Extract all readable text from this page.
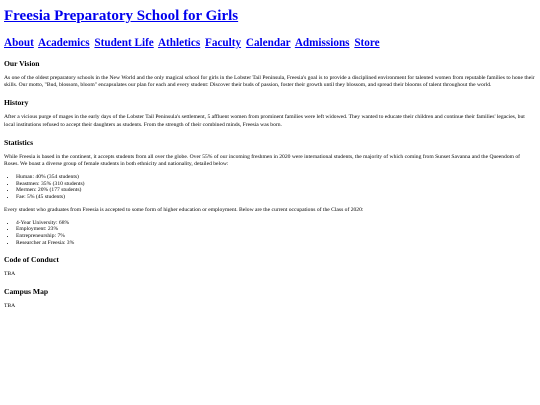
Freesia Preparatory School for Girls
About Academics Student Life Athletics Faculty Calendar Admissions Store
Our Vision

As one of the oldest preparatory schools in the New World and the only magical school for girls in the Lobster Tail Peninsula, Freesia's goal is to provide a disciplined environment for talented women from reputable families to hone their skills. Our motto, "Bud, blossom, bloom" encapsulates our plan for each and every student: Discover their buds of passion, foster their growth until they blossom, and spread their blooms of talent throughout the world.

History

After a vicious purge of mages in the early days of the Lobster Tail Peninsula's settlement, 5 affluent women from prominent families were left widowed. They wanted to educate their children and continue their families' legacies, but local institutions refused to accept their daughters as students. From the strength of their combined minds, Freesia was born.

Statistics

While Freesia is based in the continent, it accepts students from all over the globe. Over 55% of our incoming freshmen in 2020 were international students, the majority of which coming from Sunset Savanna and the Queendom of Roses. We boast a diverse group of female students in both ethnicity and nationality, detailed below:

• Human: 40% (354 students)
• Beastmen: 35% (310 students)
• Mermen: 20% (177 students)
• Fae: 5% (45 students)

Every student who graduates from Freesia is accepted to some form of higher education or employment. Below are the current occupations of the Class of 2020:

• 4-Year University: 68%
• Employment: 23%
• Entrepreneurship: 7%
• Researcher at Freesia: 3%
Code of Conduct

TBA

Campus Map

TBA
